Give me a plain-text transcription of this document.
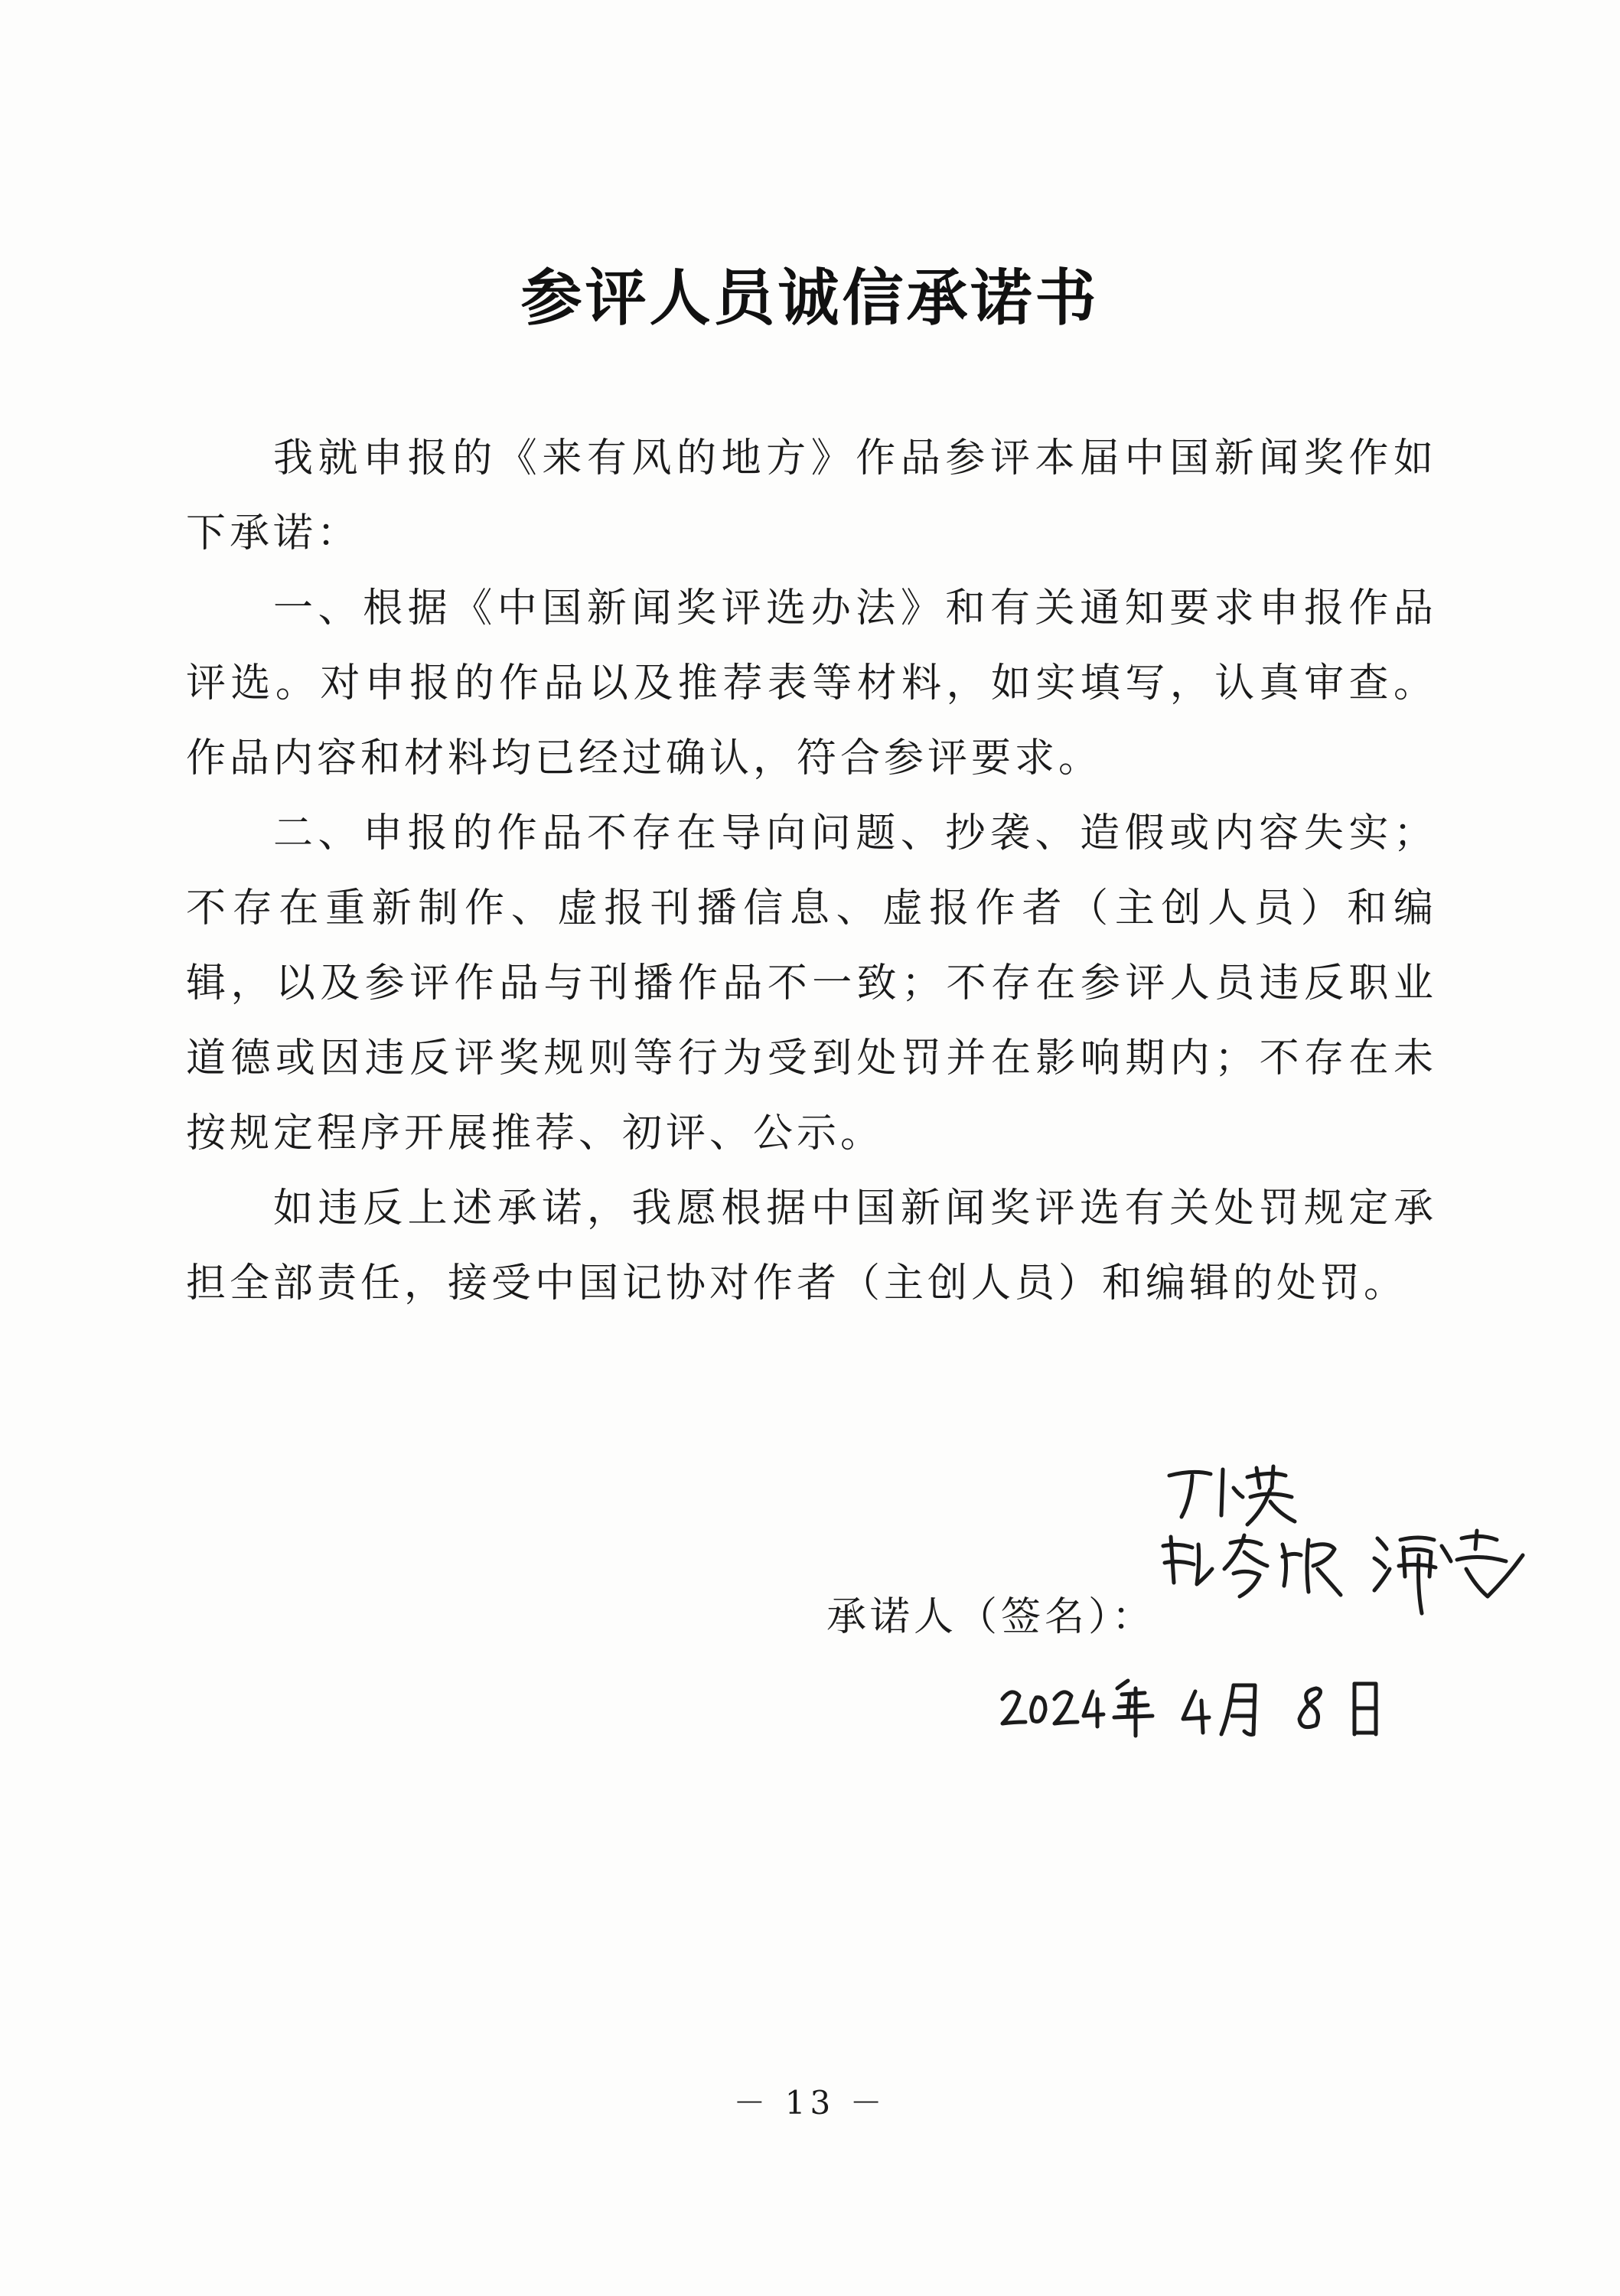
参评人员诚信承诺书

我就申报的《来有风的地方》作品参评本届中国新闻奖作如下承诺：

一、根据《中国新闻奖评选办法》和有关通知要求申报作品评选。对申报的作品以及推荐表等材料，如实填写，认真审查。作品内容和材料均已经过确认，符合参评要求。

二、申报的作品不存在导向问题、抄袭、造假或内容失实；不存在重新制作、虚报刊播信息、虚报作者（主创人员）和编辑，以及参评作品与刊播作品不一致；不存在参评人员违反职业道德或因违反评奖规则等行为受到处罚并在影响期内；不存在未按规定程序开展推荐、初评、公示。

如违反上述承诺，我愿根据中国新闻奖评选有关处罚规定承担全部责任，接受中国记协对作者（主创人员）和编辑的处罚。

承诺人（签名）：
－ 13 －
